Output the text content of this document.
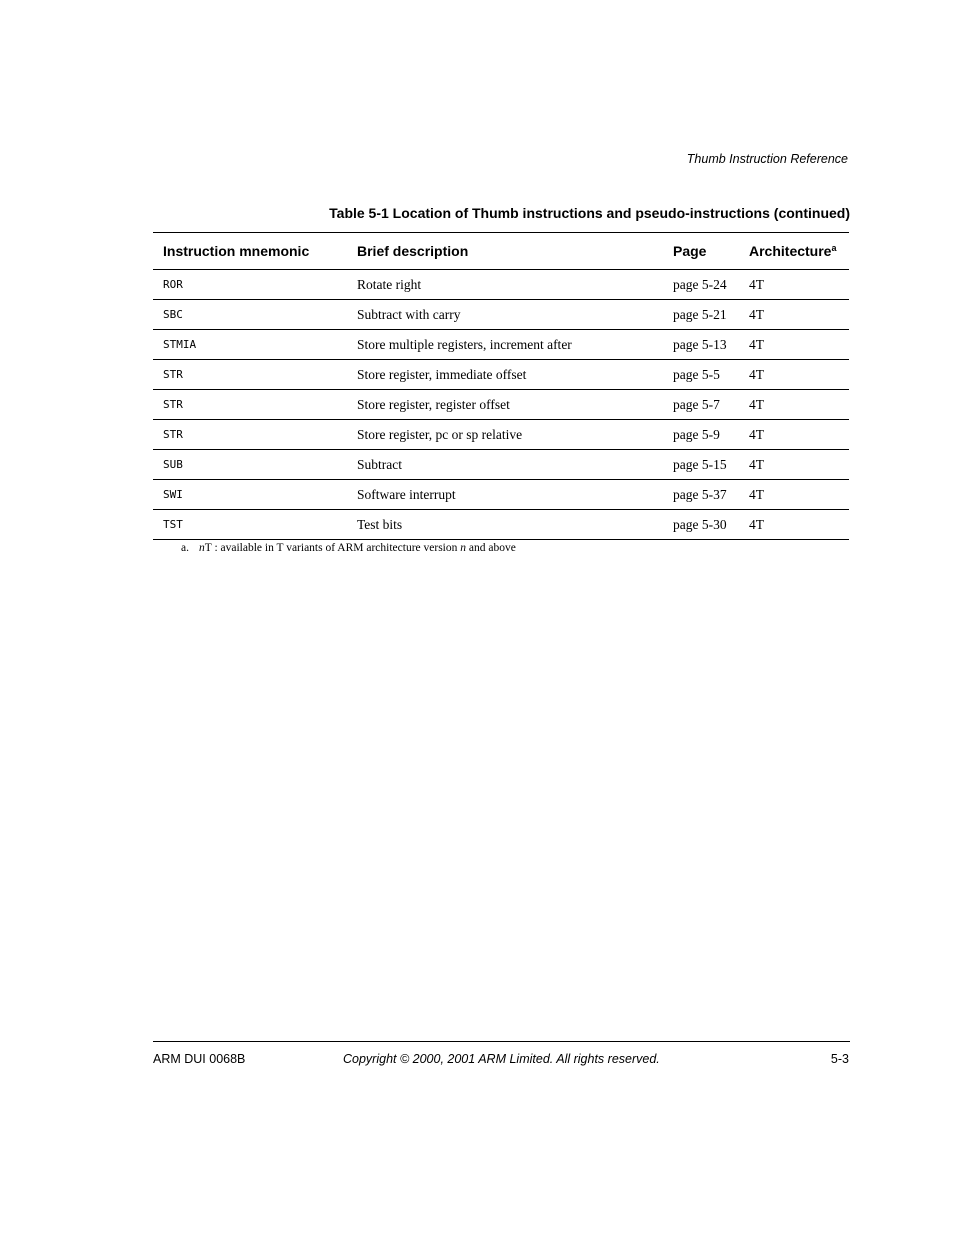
Thumb Instruction Reference
Table 5-1 Location of Thumb instructions and pseudo-instructions (continued)
Instruction mnemonic	Brief description	Page	Architecture$^a$
ROR	Rotate right	page 5-24	4T
SBC	Subtract with carry	page 5-21	4T
STMIA	Store multiple registers, increment after	page 5-13	4T
STR	Store register, immediate offset	page 5-5	4T
STR	Store register, register offset	page 5-7	4T
STR	Store register, pc or sp relative	page 5-9	4T
SUB	Subtract	page 5-15	4T
SWI	Software interrupt	page 5-37	4T
TST	Test bits	page 5-30	4T
a. nT : available in T variants of ARM architecture version n and above
ARM DUI 0068B	Copyright © 2000, 2001 ARM Limited. All rights reserved.	5-3
